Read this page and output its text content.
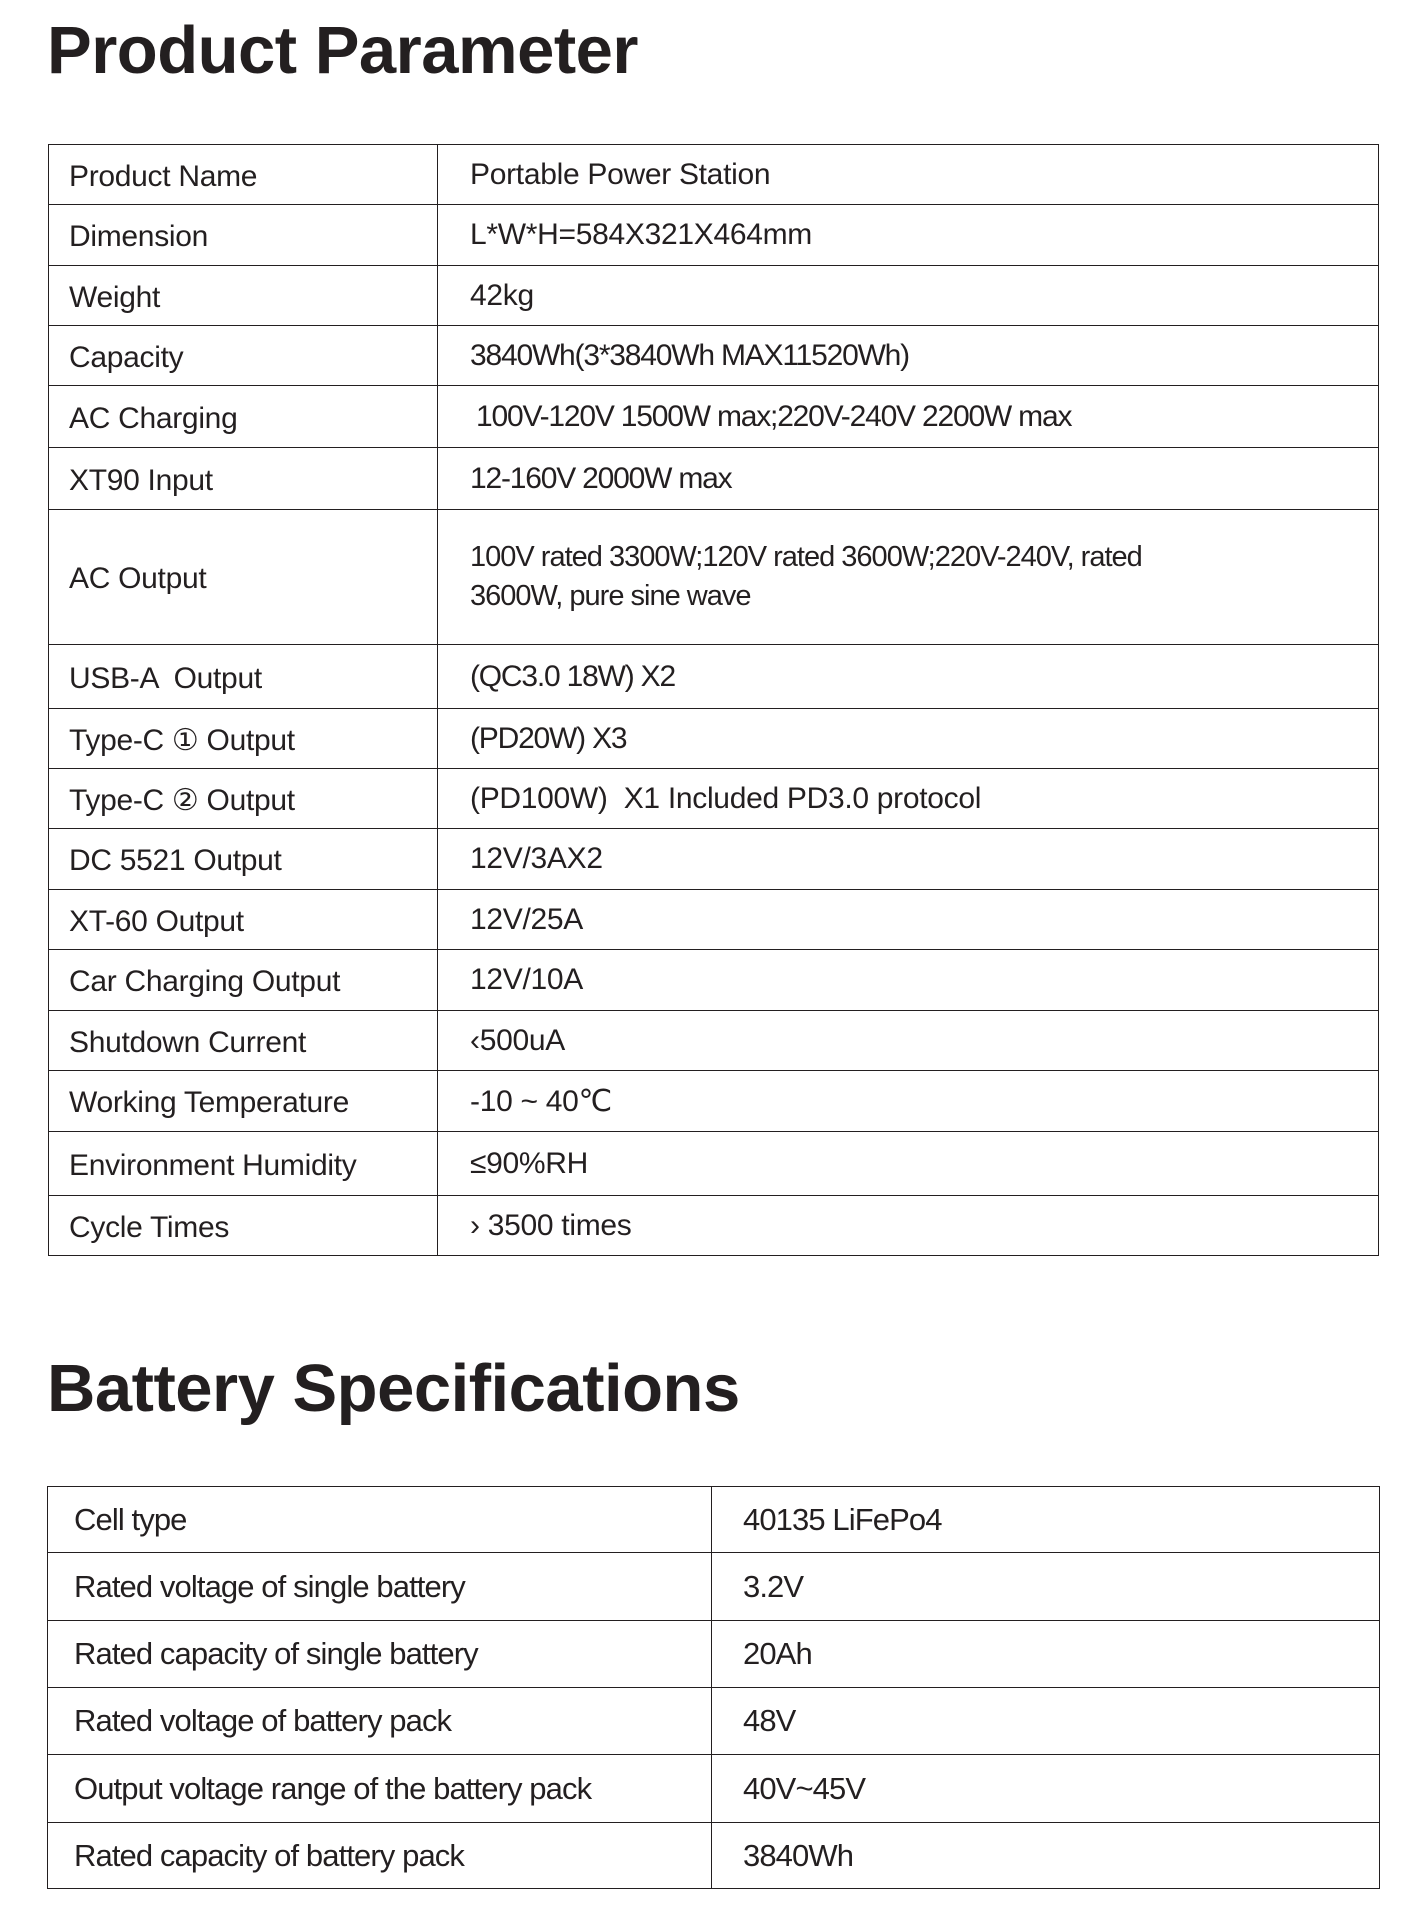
Product Parameter
Product Name	Portable Power Station
Dimension	L*W*H=584X321X464mm
Weight	42kg
Capacity	3840Wh(3*3840Wh MAX11520Wh)
AC Charging	100V-120V 1500W max;220V-240V 2200W max
XT90 Input	12-160V 2000W max
AC Output	100V rated 3300W;120V rated 3600W;220V-240V, rated 3600W, pure sine wave
USB-A  Output	(QC3.0 18W) X2
Type-C ① Output	(PD20W) X3
Type-C ② Output	(PD100W)  X1 Included PD3.0 protocol
DC 5521 Output	12V/3AX2
XT-60 Output	12V/25A
Car Charging Output	12V/10A
Shutdown Current	‹500uA
Working Temperature	-10 ~ 40℃
Environment Humidity	≤90%RH
Cycle Times	› 3500 times
Battery Specifications
Cell type	40135 LiFePo4
Rated voltage of single battery	3.2V
Rated capacity of single battery	20Ah
Rated voltage of battery pack	48V
Output voltage range of the battery pack	40V~45V
Rated capacity of battery pack	3840Wh
